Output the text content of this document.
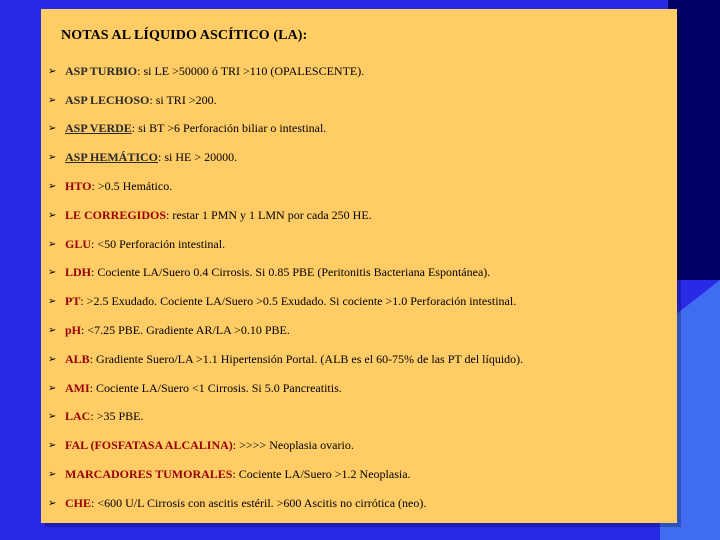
NOTAS AL LÍQUIDO ASCÍTICO (LA):
➢ ASP TURBIO : si LE >50000 ó TRI >110 (OPALESCENTE).
➢ ASP LECHOSO : si TRI >200.
➢ ASP VERDE : si BT >6 Perforación biliar o intestinal.
➢ ASP HEMÁTICO : si HE > 20000.
➢ HTO : >0.5 Hemático.
➢ LE CORREGIDOS : restar 1 PMN y 1 LMN por cada 250 HE.
➢ GLU : <50 Perforación intestinal.
➢ LDH : Cociente LA/Suero 0.4 Cirrosis. Si 0.85 PBE (Peritonitis Bacteriana Espontánea).
➢ PT : >2.5 Exudado. Cociente LA/Suero >0.5 Exudado. Si cociente >1.0 Perforación intestinal.
➢ pH : <7.25 PBE. Gradiente AR/LA >0.10 PBE.
➢ ALB : Gradiente Suero/LA >1.1 Hipertensión Portal. (ALB es el 60-75% de las PT del líquido).
➢ AMI : Cociente LA/Suero <1 Cirrosis. Si 5.0 Pancreatitis.
➢ LAC : >35 PBE.
➢ FAL (FOSFATASA ALCALINA) : >>>> Neoplasia ovario.
➢ MARCADORES TUMORALES : Cociente LA/Suero >1.2 Neoplasia.
➢ CHE : <600 U/L Cirrosis con ascitis estéril. >600 Ascitis no cirrótica (neo).
